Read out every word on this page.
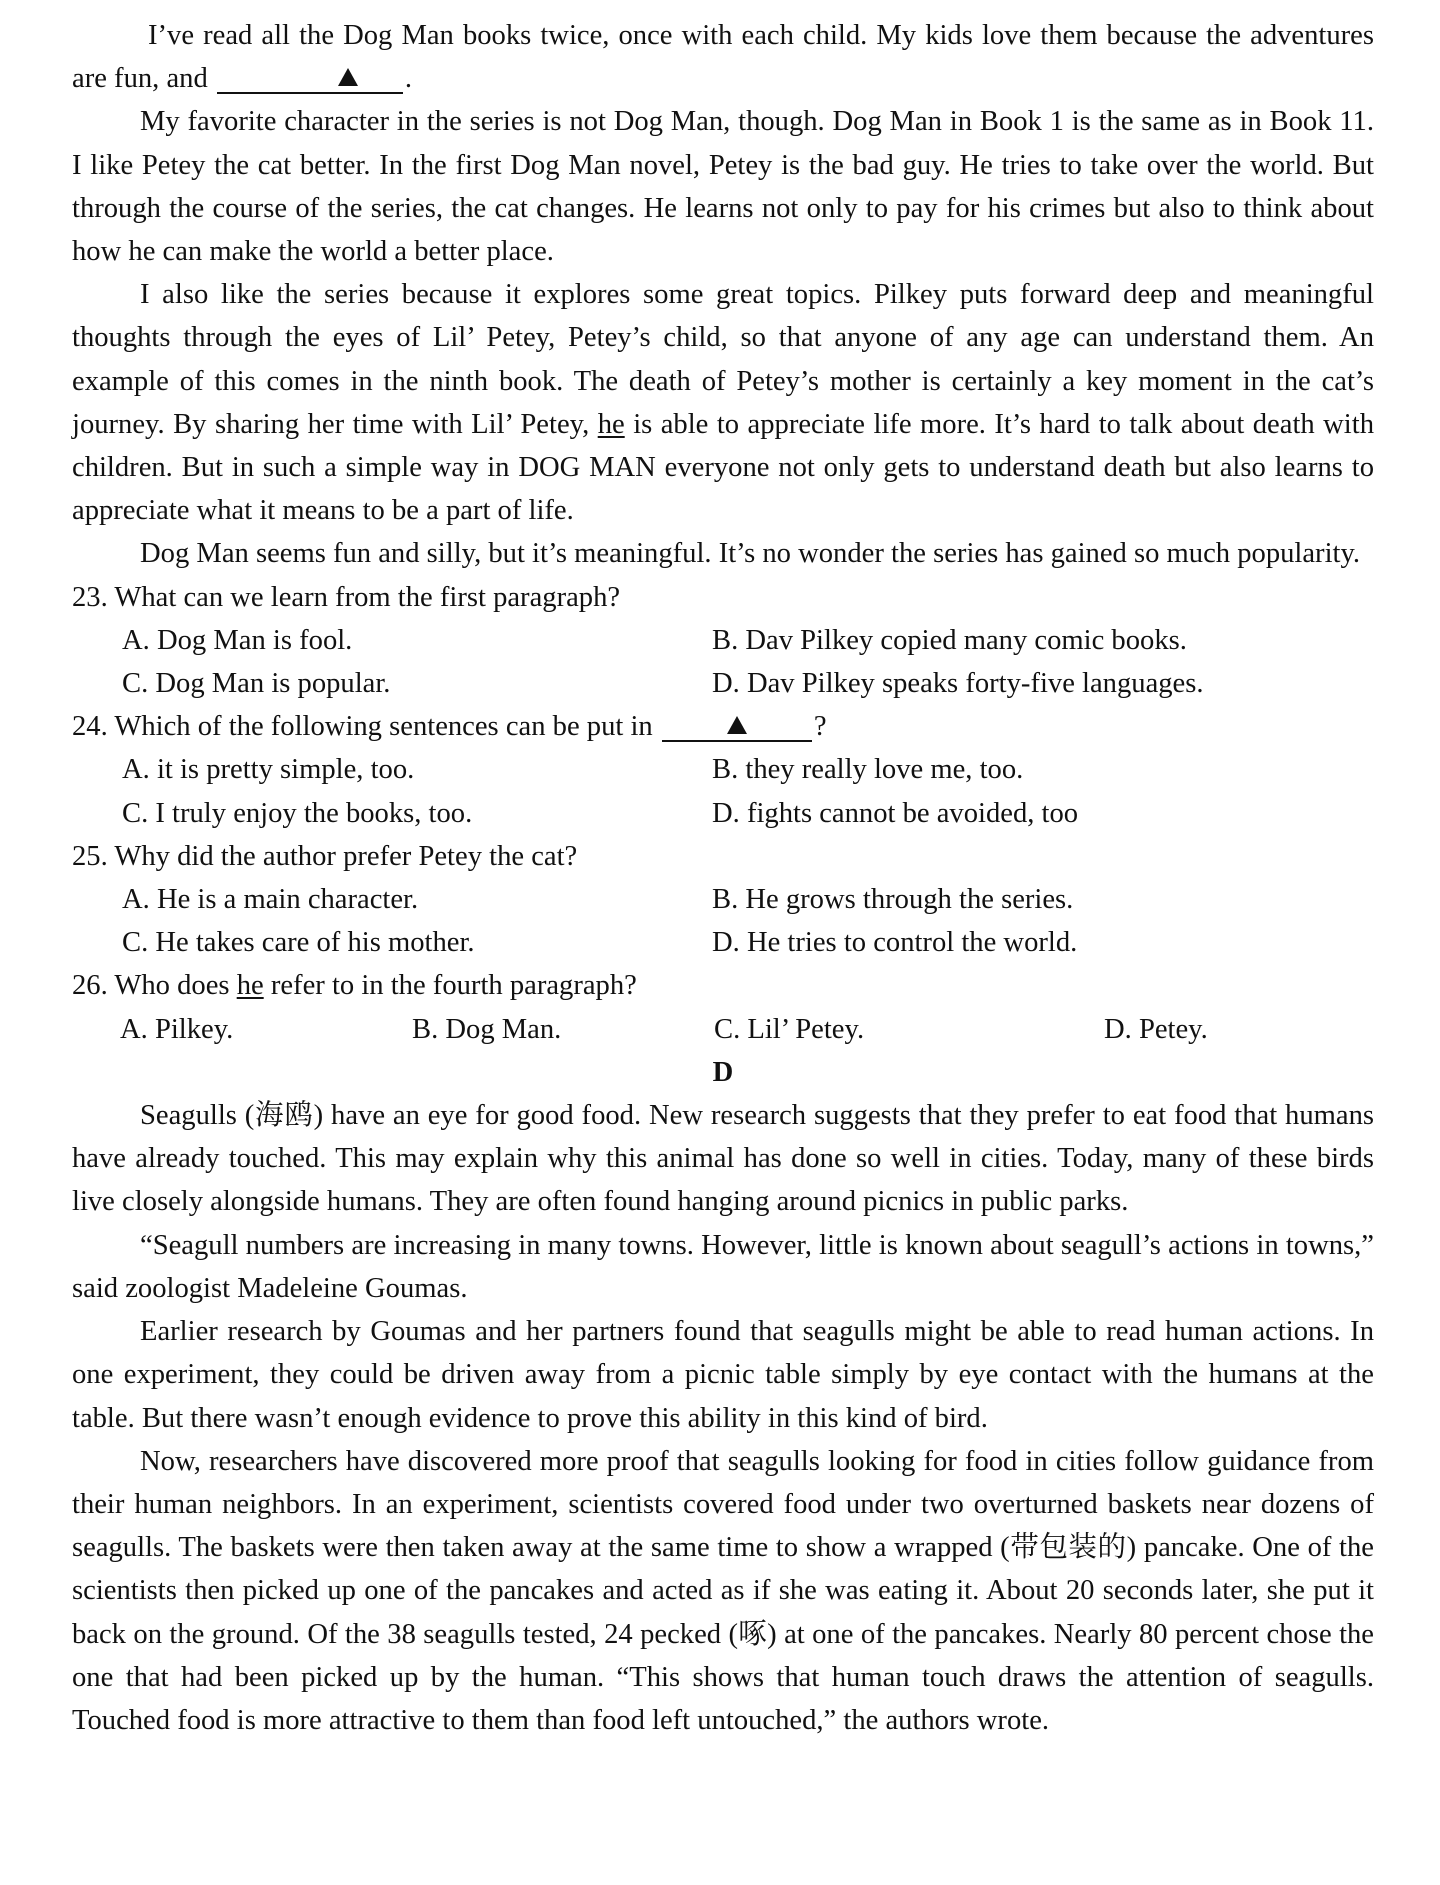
I’ve read all the Dog Man books twice, once with each child. My kids love them because the adventures are fun, and	.

My favorite character in the series is not Dog Man, though. Dog Man in Book 1 is the same as in Book 11. I like Petey the cat better. In the first Dog Man novel, Petey is the bad guy. He tries to take over the world. But through the course of the series, the cat changes. He learns not only to pay for his crimes but also to think about how he can make the world a better place.

I also like the series because it explores some great topics. Pilkey puts forward deep and meaningful thoughts through the eyes of Lil’ Petey, Petey’s child, so that anyone of any age can understand them. An example of this comes in the ninth book. The death of Petey’s mother is certainly a key moment in the cat’s journey. By sharing her time with Lil’ Petey, he is able to appreciate life more. It’s hard to talk about death with children. But in such a simple way in DOG MAN everyone not only gets to understand death but also learns to appreciate what it means to be a part of life.

Dog Man seems fun and silly, but it’s meaningful. It’s no wonder the series has gained so much popularity.

23. What can we learn from the first paragraph?

A. Dog Man is fool.	B. Dav Pilkey copied many comic books.
C. Dog Man is popular.	D. Dav Pilkey speaks forty-five languages.

24. Which of the following sentences can be put in	?

A. it is pretty simple, too.	B. they really love me, too.
C. I truly enjoy the books, too.	D. fights cannot be avoided, too

25. Why did the author prefer Petey the cat?

A. He is a main character.	B. He grows through the series.
C. He takes care of his mother.	D. He tries to control the world.

26. Who does he refer to in the fourth paragraph?

A. Pilkey.	B. Dog Man.	C. Lil’ Petey.	D. Petey.

D

Seagulls (海鸥) have an eye for good food. New research suggests that they prefer to eat food that humans have already touched. This may explain why this animal has done so well in cities. Today, many of these birds live closely alongside humans. They are often found hanging around picnics in public parks.

“Seagull numbers are increasing in many towns. However, little is known about seagull’s actions in towns,” said zoologist Madeleine Goumas.

Earlier research by Goumas and her partners found that seagulls might be able to read human actions. In one experiment, they could be driven away from a picnic table simply by eye contact with the humans at the table. But there wasn’t enough evidence to prove this ability in this kind of bird.

Now, researchers have discovered more proof that seagulls looking for food in cities follow guidance from their human neighbors. In an experiment, scientists covered food under two overturned baskets near dozens of seagulls. The baskets were then taken away at the same time to show a wrapped (带包装的) pancake. One of the scientists then picked up one of the pancakes and acted as if she was eating it. About 20 seconds later, she put it back on the ground. Of the 38 seagulls tested, 24 pecked (啄) at one of the pancakes. Nearly 80 percent chose the one that had been picked up by the human. “This shows that human touch draws the attention of seagulls. Touched food is more attractive to them than food left untouched,” the authors wrote.
